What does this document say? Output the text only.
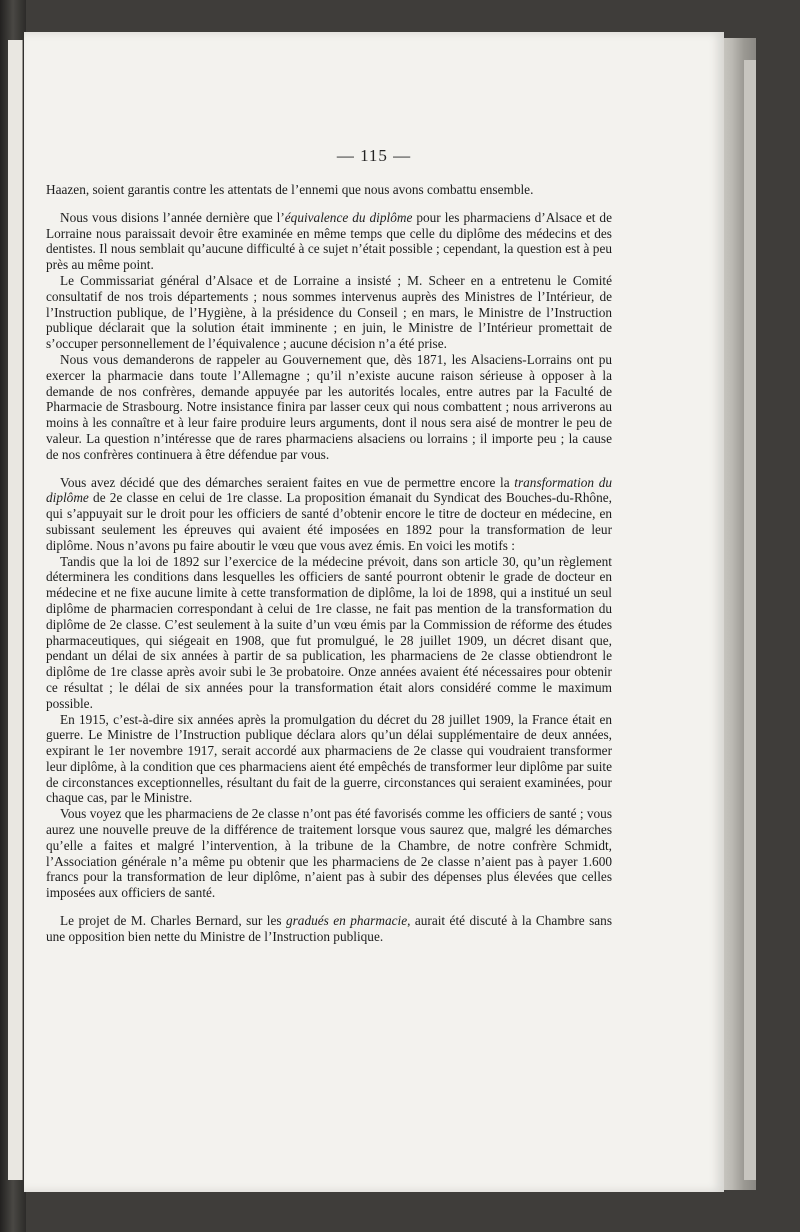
— 115 —

Haazen, soient garantis contre les attentats de l’ennemi que nous avons combattu ensemble.

Nous vous disions l’année dernière que l’équivalence du diplôme pour les pharmaciens d’Alsace et de Lorraine nous paraissait devoir être examinée en même temps que celle du diplôme des médecins et des dentistes. Il nous semblait qu’aucune difficulté à ce sujet n’était possible ; cependant, la question est à peu près au même point.

Le Commissariat général d’Alsace et de Lorraine a insisté ; M. Scheer en a entretenu le Comité consultatif de nos trois départements ; nous sommes intervenus auprès des Ministres de l’Intérieur, de l’Instruction publique, de l’Hygiène, à la présidence du Conseil ; en mars, le Ministre de l’Instruction publique déclarait que la solution était imminente ; en juin, le Ministre de l’Intérieur promettait de s’occuper personnellement de l’équivalence ; aucune décision n’a été prise.

Nous vous demanderons de rappeler au Gouvernement que, dès 1871, les Alsaciens-Lorrains ont pu exercer la pharmacie dans toute l’Allemagne ; qu’il n’existe aucune raison sérieuse à opposer à la demande de nos confrères, demande appuyée par les autorités locales, entre autres par la Faculté de Pharmacie de Strasbourg. Notre insistance finira par lasser ceux qui nous combattent ; nous arriverons au moins à les connaître et à leur faire produire leurs arguments, dont il nous sera aisé de montrer le peu de valeur. La question n’intéresse que de rares pharmaciens alsaciens ou lorrains ; il importe peu ; la cause de nos confrères continuera à être défendue par vous.

Vous avez décidé que des démarches seraient faites en vue de permettre encore la transformation du diplôme de 2e classe en celui de 1re classe. La proposition émanait du Syndicat des Bouches-du-Rhône, qui s’appuyait sur le droit pour les officiers de santé d’obtenir encore le titre de docteur en médecine, en subissant seulement les épreuves qui avaient été imposées en 1892 pour la transformation de leur diplôme. Nous n’avons pu faire aboutir le vœu que vous avez émis. En voici les motifs :

Tandis que la loi de 1892 sur l’exercice de la médecine prévoit, dans son article 30, qu’un règlement déterminera les conditions dans lesquelles les officiers de santé pourront obtenir le grade de docteur en médecine et ne fixe aucune limite à cette transformation de diplôme, la loi de 1898, qui a institué un seul diplôme de pharmacien correspondant à celui de 1re classe, ne fait pas mention de la transformation du diplôme de 2e classe. C’est seulement à la suite d’un vœu émis par la Commission de réforme des études pharmaceutiques, qui siégeait en 1908, que fut promulgué, le 28 juillet 1909, un décret disant que, pendant un délai de six années à partir de sa publication, les pharmaciens de 2e classe obtiendront le diplôme de 1re classe après avoir subi le 3e probatoire. Onze années avaient été nécessaires pour obtenir ce résultat ; le délai de six années pour la transformation était alors considéré comme le maximum possible.

En 1915, c’est-à-dire six années après la promulgation du décret du 28 juillet 1909, la France était en guerre. Le Ministre de l’Instruction publique déclara alors qu’un délai supplémentaire de deux années, expirant le 1er novembre 1917, serait accordé aux pharmaciens de 2e classe qui voudraient transformer leur diplôme, à la condition que ces pharmaciens aient été empêchés de transformer leur diplôme par suite de circonstances exceptionnelles, résultant du fait de la guerre, circonstances qui seraient examinées, pour chaque cas, par le Ministre.

Vous voyez que les pharmaciens de 2e classe n’ont pas été favorisés comme les officiers de santé ; vous aurez une nouvelle preuve de la différence de traitement lorsque vous saurez que, malgré les démarches qu’elle a faites et malgré l’intervention, à la tribune de la Chambre, de notre confrère Schmidt, l’Association générale n’a même pu obtenir que les pharmaciens de 2e classe n’aient pas à payer 1.600 francs pour la transformation de leur diplôme, n’aient pas à subir des dépenses plus élevées que celles imposées aux officiers de santé.

Le projet de M. Charles Bernard, sur les gradués en pharmacie, aurait été discuté à la Chambre sans une opposition bien nette du Ministre de l’Instruction publique.
